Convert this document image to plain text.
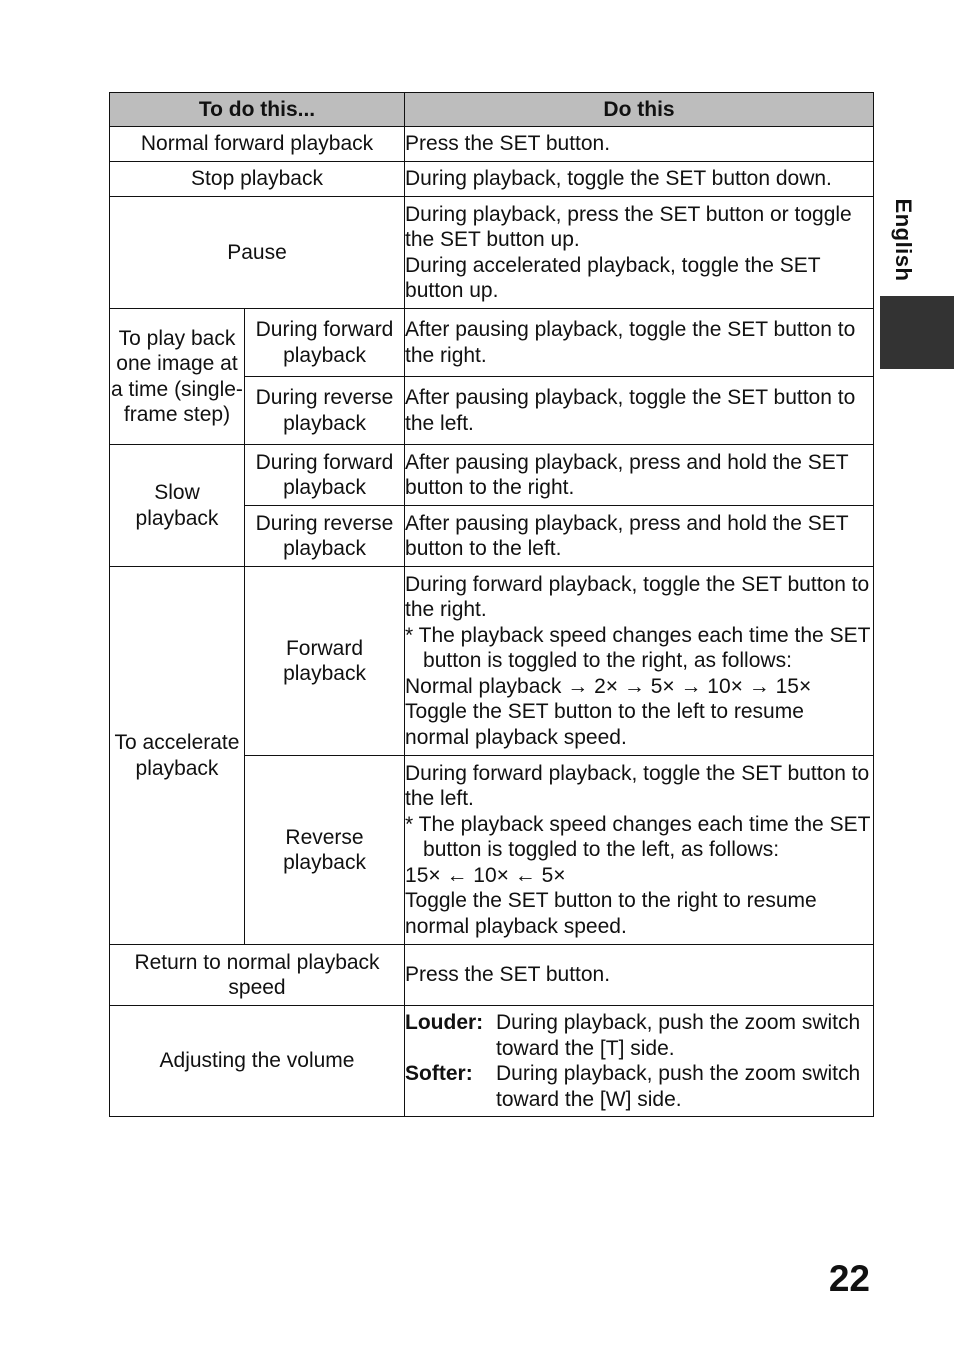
English
To do this...		Do this
Normal forward playback		Press the SET button.
Stop playback		During playback, toggle the SET button down.
Pause		During playback, press the SET button or toggle the SET button up.
During accelerated playback, toggle the SET button up.

To play back one image at a time (single-frame step)	During forward playback	After pausing playback, toggle the SET button to the right.
	During reverse playback	After pausing playback, toggle the SET button to the left.
Slow playback	During forward playback	After pausing playback, press and hold the SET button to the right.
	During reverse playback	After pausing playback, press and hold the SET button to the left.
To accelerate playback	Forward playback	During forward playback, toggle the SET button to the right.
* The playback speed changes each time the SET button is toggled to the right, as follows:
Normal playback → 2× → 5× → 10× → 15×
Toggle the SET button to the left to resume normal playback speed.

	Reverse playback	During forward playback, toggle the SET button to the left.
* The playback speed changes each time the SET button is toggled to the left, as follows:
15× ← 10× ← 5×
Toggle the SET button to the right to resume normal playback speed.

Return to normal playback speed		Press the SET button.
Adjusting the volume		Louder: During playback, push the zoom switch toward the [T] side.
Softer: During playback, push the zoom switch toward the [W] side.
22
